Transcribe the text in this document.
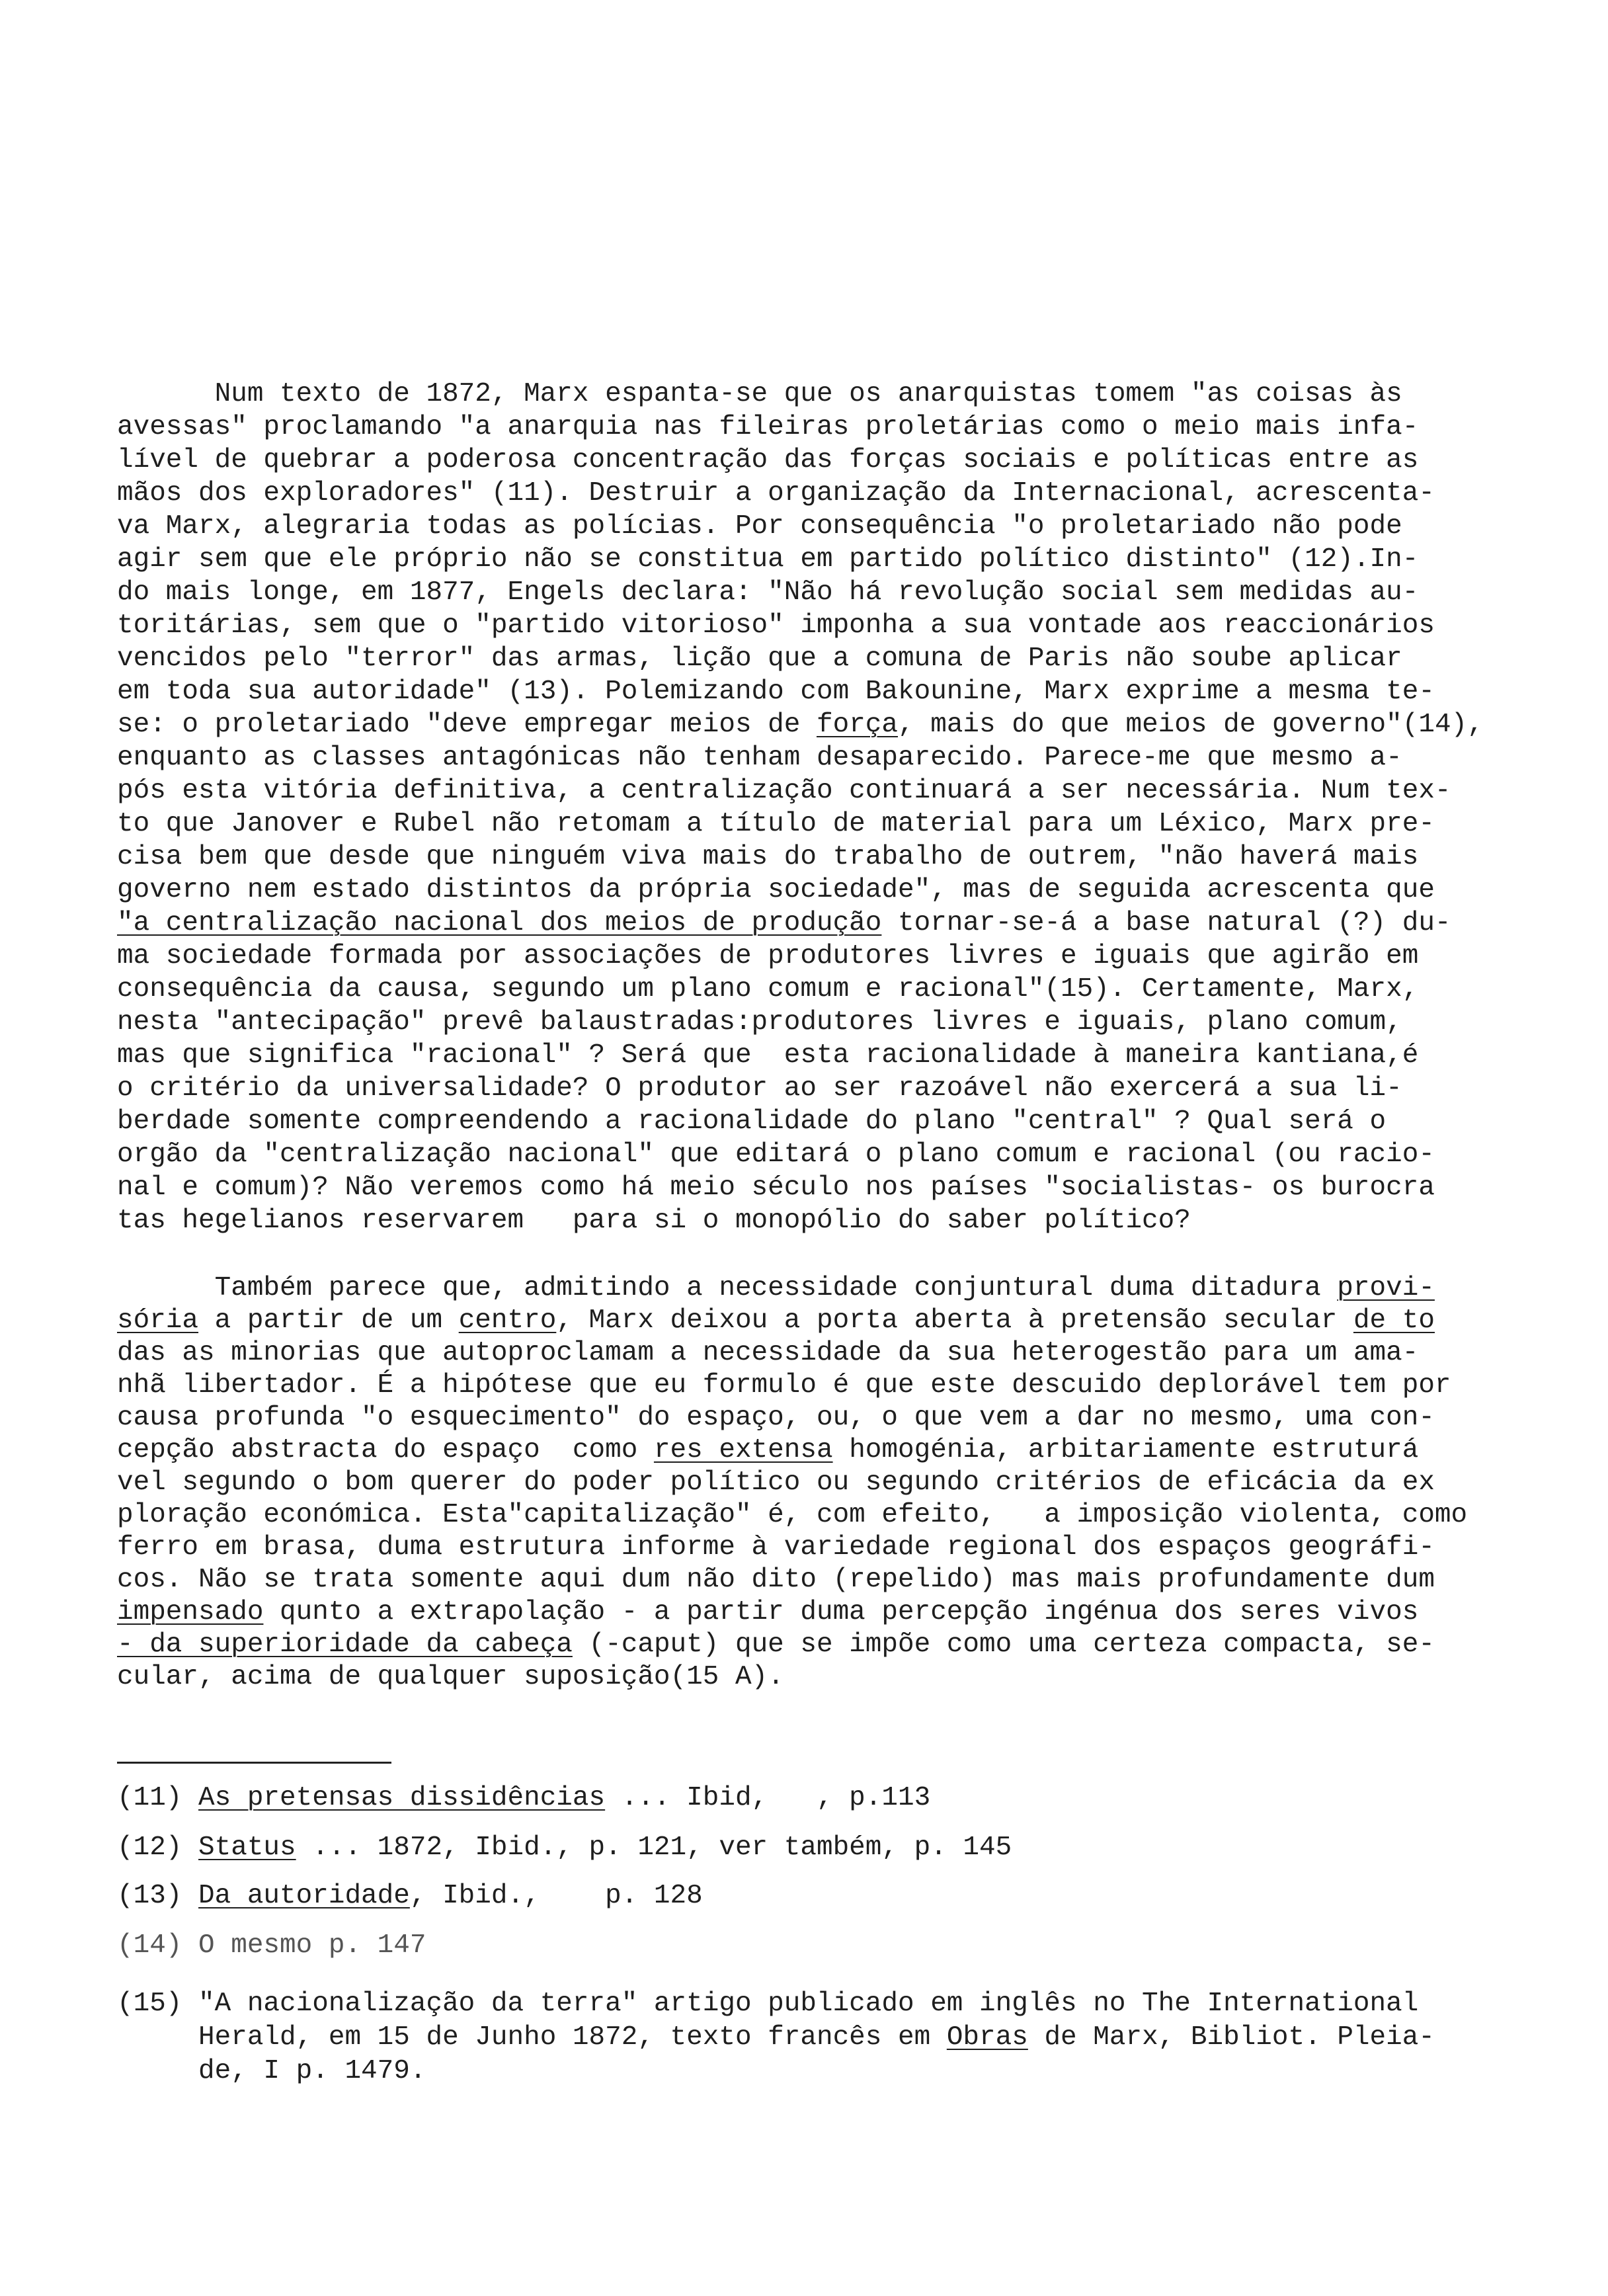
Num texto de 1872, Marx espanta-se que os anarquistas tomem "as coisas às
avessas" proclamando "a anarquia nas fileiras proletárias como o meio mais infa-
lível de quebrar a poderosa concentração das forças sociais e políticas entre as
mãos dos exploradores" (11). Destruir a organização da Internacional, acrescenta-
va Marx, alegraria todas as polícias. Por consequência "o proletariado não pode
agir sem que ele próprio não se constitua em partido político distinto" (12).In-
do mais longe, em 1877, Engels declara: "Não há revolução social sem medidas au-
toritárias, sem que o "partido vitorioso" imponha a sua vontade aos reaccionários
vencidos pelo "terror" das armas, lição que a comuna de Paris não soube aplicar
em toda sua autoridade" (13). Polemizando com Bakounine, Marx exprime a mesma te-
se: o proletariado "deve empregar meios de força, mais do que meios de governo"(14),
enquanto as classes antagónicas não tenham desaparecido. Parece-me que mesmo a-
pós esta vitória definitiva, a centralização continuará a ser necessária. Num tex-
to que Janover e Rubel não retomam a título de material para um Léxico, Marx pre-
cisa bem que desde que ninguém viva mais do trabalho de outrem, "não haverá mais
governo nem estado distintos da própria sociedade", mas de seguida acrescenta que
"a centralização nacional dos meios de produção tornar-se-á a base natural (?) du-
ma sociedade formada por associações de produtores livres e iguais que agirão em
consequência da causa, segundo um plano comum e racional"(15). Certamente, Marx,
nesta "antecipação" prevê balaustradas:produtores livres e iguais, plano comum,
mas que significa "racional" ? Será que  esta racionalidade à maneira kantiana,é
o critério da universalidade? O produtor ao ser razoável não exercerá a sua li-
berdade somente compreendendo a racionalidade do plano "central" ? Qual será o
orgão da "centralização nacional" que editará o plano comum e racional (ou racio-
nal e comum)? Não veremos como há meio século nos países "socialistas- os burocra
tas hegelianos reservarem   para si o monopólio do saber político?
Também parece que, admitindo a necessidade conjuntural duma ditadura provi-
sória a partir de um centro, Marx deixou a porta aberta à pretensão secular de to
das as minorias que autoproclamam a necessidade da sua heterogestão para um ama-
nhã libertador. É a hipótese que eu formulo é que este descuido deplorável tem por
causa profunda "o esquecimento" do espaço, ou, o que vem a dar no mesmo, uma con-
cepção abstracta do espaço  como res extensa homogénia, arbitariamente estruturá
vel segundo o bom querer do poder político ou segundo critérios de eficácia da ex
ploração económica. Esta"capitalização" é, com efeito,   a imposição violenta, como
ferro em brasa, duma estrutura informe à variedade regional dos espaços geográfi-
cos. Não se trata somente aqui dum não dito (repelido) mas mais profundamente dum
impensado qunto a extrapolação - a partir duma percepção ingénua dos seres vivos
- da superioridade da cabeça (-caput) que se impõe como uma certeza compacta, se-
cular, acima de qualquer suposição(15 A).
(11) As pretensas dissidências ... Ibid,   , p.113
(12) Status ... 1872, Ibid., p. 121, ver também, p. 145
(13) Da autoridade, Ibid.,    p. 128
(14) O mesmo p. 147
(15) "A nacionalização da terra" artigo publicado em inglês no The International
Herald, em 15 de Junho 1872, texto francês em Obras de Marx, Bibliot. Pleia-
de, I p. 1479.
